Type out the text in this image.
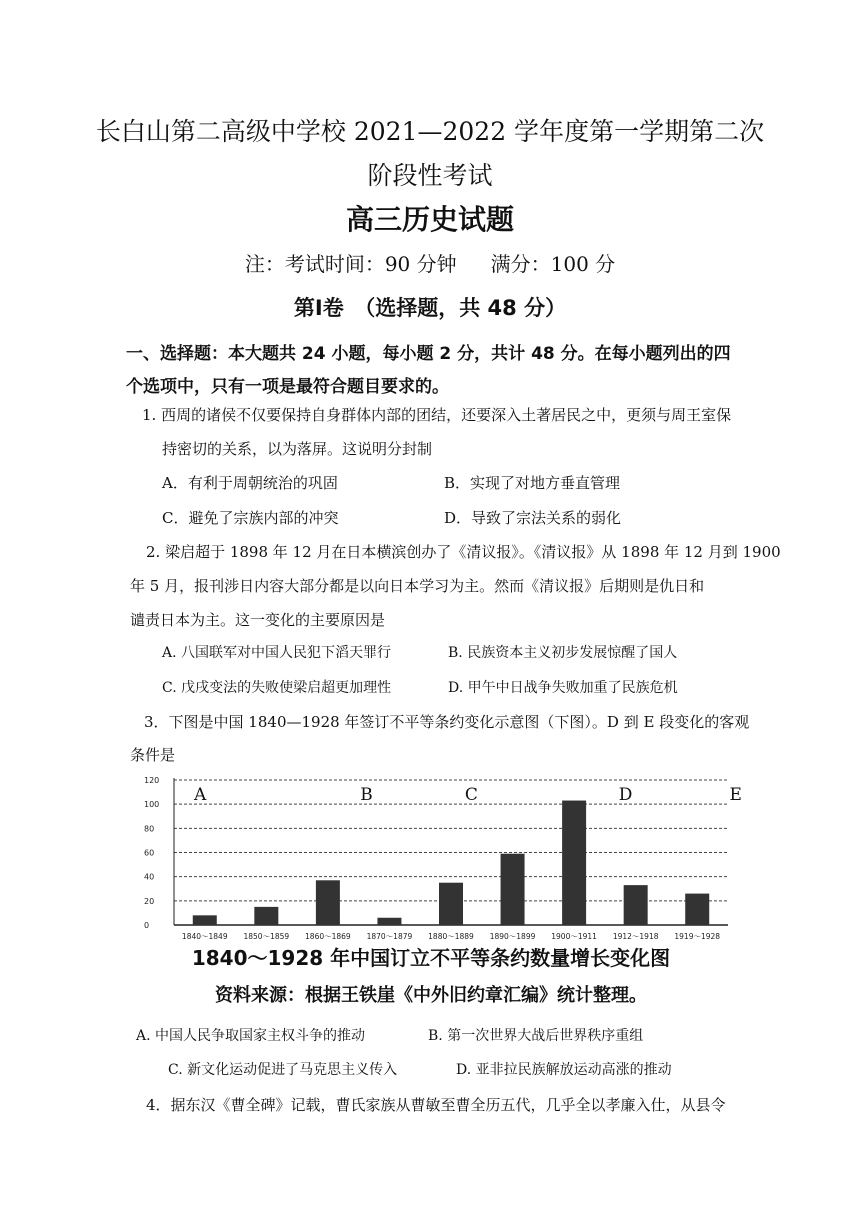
长白山第二高级中学校 2021—2022 学年度第一学期第二次
阶段性考试
高三历史试题
注：考试时间：90 分钟 满分：100 分
第Ⅰ卷　（选择题，共 48 分）
一、选择题：本大题共 24 小题，每小题 2 分，共计 48 分。在每小题列出的四个选项中，只有一项是最符合题目要求的。
1. 西周的诸侯不仅要保持自身群体内部的团结，还要深入土著居民之中，更须与周王室保
持密切的关系，以为落屏。这说明分封制
A．有利于周朝统治的巩固	B．实现了对地方垂直管理
C．避免了宗族内部的冲突	D．导致了宗法关系的弱化
2. 梁启超于 1898 年 12 月在日本横滨创办了《清议报》。《清议报》从 1898 年 12 月到 1900
年 5 月，报刊涉日内容大部分都是以向日本学习为主。然而《清议报》后期则是仇日和
谴责日本为主。这一变化的主要原因是
A. 八国联军对中国人民犯下滔天罪行	B. 民族资本主义初步发展惊醒了国人
C. 戊戌变法的失败使梁启超更加理性	D. 甲午中日战争失败加重了民族危机
3．下图是中国 1840—1928 年签订不平等条约变化示意图（下图）。D 到 E 段变化的客观
条件是
0
20
40
60
80
100
120
1840～1849 1850～1859 1860～1869 1870～1879 1880～1889 1890～1899 1900～1911 1912～1918 1919～1928
A	B	C	D	E
1840～1928 年中国订立不平等条约数量增长变化图
资料来源：根据王铁崖《中外旧约章汇编》统计整理。
A. 中国人民争取国家主权斗争的推动	B. 第一次世界大战后世界秩序重组
C. 新文化运动促进了马克思主义传入	D. 亚非拉民族解放运动高涨的推动
4．据东汉《曹全碑》记载，曹氏家族从曹敏至曹全历五代，几乎全以孝廉入仕，从县令
